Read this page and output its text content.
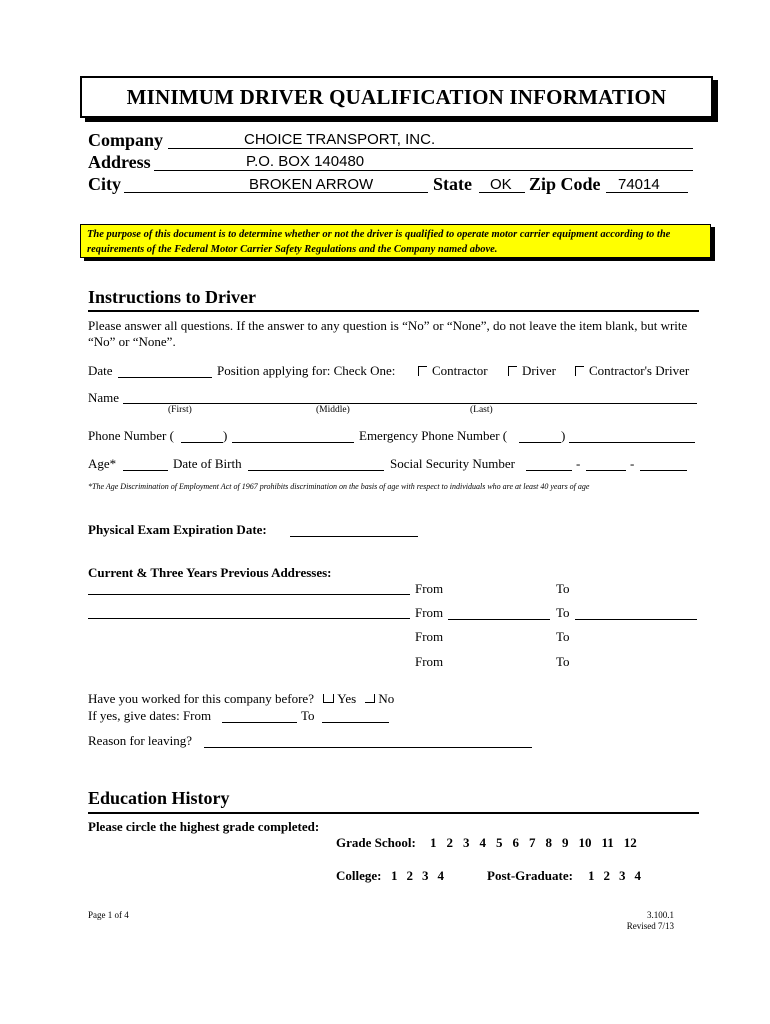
MINIMUM DRIVER QUALIFICATION INFORMATION
Company	CHOICE TRANSPORT, INC.
Address	P.O. BOX 140480
City	BROKEN ARROW	State OK Zip Code 74014
The purpose of this document is to determine whether or not the driver is qualified to operate motor carrier equipment according to the requirements of the Federal Motor Carrier Safety Regulations and the Company named above.
Instructions to Driver
Please answer all questions. If the answer to any question is “No” or “None”, do not leave the item blank, but write “No” or “None”.
Date	Position applying for: Check One:	Contractor	Driver	Contractor's Driver
Name
(First)	(Middle)	(Last)
Phone Number (	)	Emergency Phone Number (	)
Age*	Date of Birth	Social Security Number	-	-
*The Age Discrimination of Employment Act of 1967 prohibits discrimination on the basis of age with respect to individuals who are at least 40 years of age
Physical Exam Expiration Date:
Current & Three Years Previous Addresses:
From	To
From	To
From	To
From	To
Have you worked for this company before? Yes No
If yes, give dates: From	To
Reason for leaving?
Education History
Please circle the highest grade completed:
Grade School: 1 2 3 4 5 6 7 8 9 10 11 12
College: 1 2 3 4	Post-Graduate: 1 2 3 4
Page 1 of 4	3.100.1
Revised 7/13
